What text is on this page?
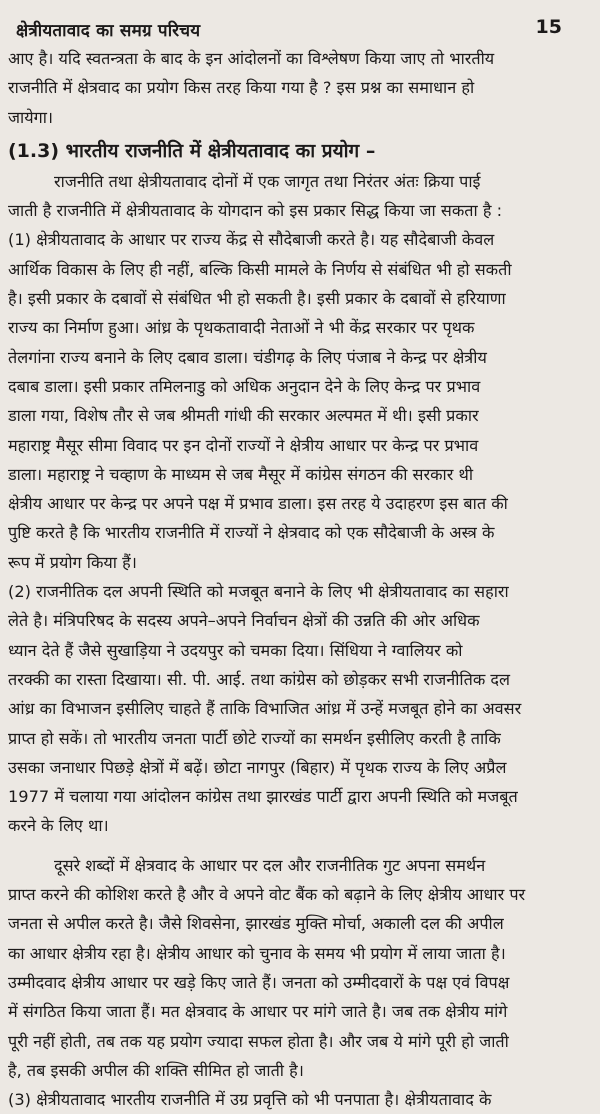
क्षेत्रीयतावाद का समग्र परिचय	15
आए है। यदि स्वतन्त्रता के बाद के इन आंदोलनों का विश्लेषण किया जाए तो भारतीय
राजनीति में क्षेत्रवाद का प्रयोग किस तरह किया गया है ? इस प्रश्न का समाधान हो
जायेगा।
(1.3) भारतीय राजनीति में क्षेत्रीयतावाद का प्रयोग –
राजनीति तथा क्षेत्रीयतावाद दोनों में एक जागृत तथा निरंतर अंतः क्रिया पाई
जाती है राजनीति में क्षेत्रीयतावाद के योगदान को इस प्रकार सिद्ध किया जा सकता है :
(1) क्षेत्रीयतावाद के आधार पर राज्य केंद्र से सौदेबाजी करते है। यह सौदेबाजी केवल
आर्थिक विकास के लिए ही नहीं, बल्कि किसी मामले के निर्णय से संबंधित भी हो सकती
है। इसी प्रकार के दबावों से संबंधित भी हो सकती है। इसी प्रकार के दबावों से हरियाणा
राज्य का निर्माण हुआ। आंध्र के पृथकतावादी नेताओं ने भी केंद्र सरकार पर पृथक
तेलगांना राज्य बनाने के लिए दबाव डाला। चंडीगढ़ के लिए पंजाब ने केन्द्र पर क्षेत्रीय
दबाब डाला। इसी प्रकार तमिलनाडु को अधिक अनुदान देने के लिए केन्द्र पर प्रभाव
डाला गया, विशेष तौर से जब श्रीमती गांधी की सरकार अल्पमत में थी। इसी प्रकार
महाराष्ट्र मैसूर सीमा विवाद पर इन दोनों राज्यों ने क्षेत्रीय आधार पर केन्द्र पर प्रभाव
डाला। महाराष्ट्र ने चव्हाण के माध्यम से जब मैसूर में कांग्रेस संगठन की सरकार थी
क्षेत्रीय आधार पर केन्द्र पर अपने पक्ष में प्रभाव डाला। इस तरह ये उदाहरण इस बात की
पुष्टि करते है कि भारतीय राजनीति में राज्यों ने क्षेत्रवाद को एक सौदेबाजी के अस्त्र के
रूप में प्रयोग किया हैं।
(2) राजनीतिक दल अपनी स्थिति को मजबूत बनाने के लिए भी क्षेत्रीयतावाद का सहारा
लेते है। मंत्रिपरिषद के सदस्य अपने–अपने निर्वाचन क्षेत्रों की उन्नति की ओर अधिक
ध्यान देते हैं जैसे सुखाड़िया ने उदयपुर को चमका दिया। सिंधिया ने ग्वालियर को
तरक्की का रास्ता दिखाया। सी. पी. आई. तथा कांग्रेस को छोड़कर सभी राजनीतिक दल
आंध्र का विभाजन इसीलिए चाहते हैं ताकि विभाजित आंध्र में उन्हें मजबूत होने का अवसर
प्राप्त हो सकें। तो भारतीय जनता पार्टी छोटे राज्यों का समर्थन इसीलिए करती है ताकि
उसका जनाधार पिछड़े क्षेत्रों में बढ़ें। छोटा नागपुर (बिहार) में पृथक राज्य के लिए अप्रैल
1977 में चलाया गया आंदोलन कांग्रेस तथा झारखंड पार्टी द्वारा अपनी स्थिति को मजबूत
करने के लिए था।
दूसरे शब्दों में क्षेत्रवाद के आधार पर दल और राजनीतिक गुट अपना समर्थन
प्राप्त करने की कोशिश करते है और वे अपने वोट बैंक को बढ़ाने के लिए क्षेत्रीय आधार पर
जनता से अपील करते है। जैसे शिवसेना, झारखंड मुक्ति मोर्चा, अकाली दल की अपील
का आधार क्षेत्रीय रहा है। क्षेत्रीय आधार को चुनाव के समय भी प्रयोग में लाया जाता है।
उम्मीदवाद क्षेत्रीय आधार पर खड़े किए जाते हैं। जनता को उम्मीदवारों के पक्ष एवं विपक्ष
में संगठित किया जाता हैं। मत क्षेत्रवाद के आधार पर मांगे जाते है। जब तक क्षेत्रीय मांगे
पूरी नहीं होती, तब तक यह प्रयोग ज्यादा सफल होता है। और जब ये मांगे पूरी हो जाती
है, तब इसकी अपील की शक्ति सीमित हो जाती है।
(3) क्षेत्रीयतावाद भारतीय राजनीति में उग्र प्रवृत्ति को भी पनपाता है। क्षेत्रीयतावाद के
